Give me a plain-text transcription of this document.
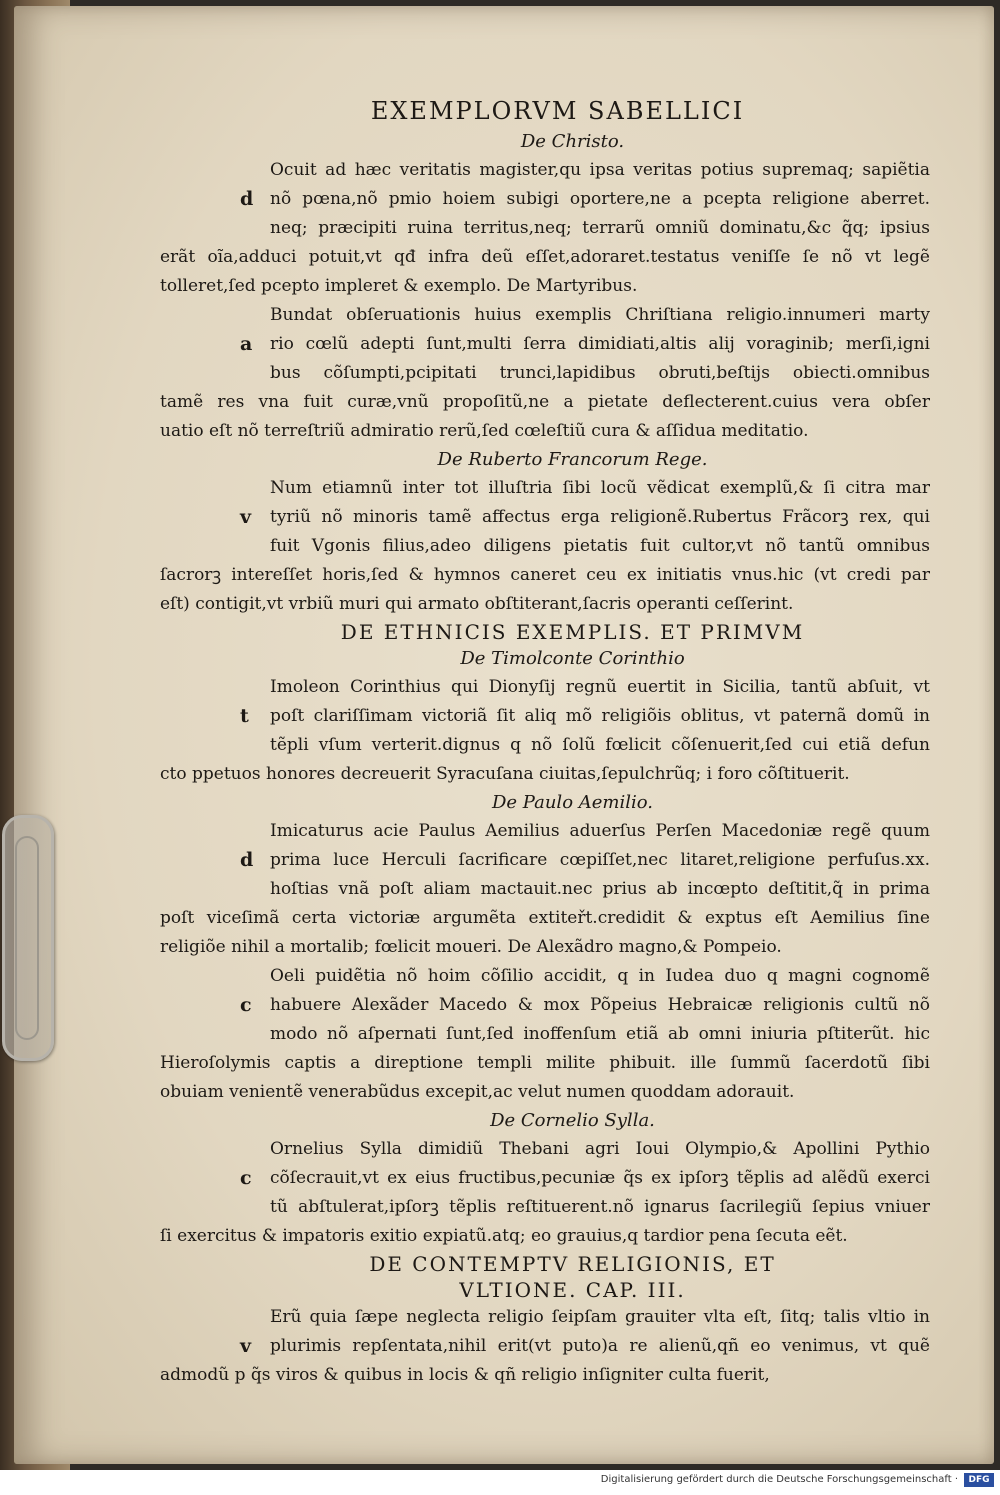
EXEMPLORVM SABELLICI
De Christo.
Ocuit ad hæc veritatis magister,qu ipsa veritas potius supremaq; sapiẽtia
nõ pœna,nõ pmio hoiem subigi oportere,ne a pcepta religione aberret.
neq; præcipiti ruina territus,neq; terrarũ omniũ dominatu,&c q̃q; ipsius
erãt oĩa,adduci potuit,vt qđ infra deũ eſſet,adoraret.testatus veniſſe ſe nõ vt legẽ
tolleret,ſed pcepto impleret & exemplo. De Martyribus.
d
Bundat obſeruationis huius exemplis Chriſtiana religio.innumeri marty
rio cœlũ adepti ſunt,multi ſerra dimidiati,altis alij voraginib; merſi,igni
bus cõſumpti,pcipitati trunci,lapidibus obruti,beſtijs obiecti.omnibus
tamẽ res vna fuit curæ,vnũ propoſitũ,ne a pietate deflecterent.cuius vera obſer
uatio eſt nõ terreſtriũ admiratio rerũ,ſed cœleſtiũ cura & aſſidua meditatio.
a
De Ruberto Francorum Rege.
Num etiamnũ inter tot illuſtria ſibi locũ vẽdicat exemplũ,& ſi citra mar
tyriũ nõ minoris tamẽ affectus erga religionẽ.Rubertus Frãcorꝫ rex, qui
fuit Vgonis filius,adeo diligens pietatis fuit cultor,vt nõ tantũ omnibus
ſacrorꝫ intereſſet horis,ſed & hymnos caneret ceu ex initiatis vnus.hic (vt credi par
eſt) contigit,vt vrbiũ muri qui armato obſtiterant,ſacris operanti ceſſerint.
v
DE ETHNICIS EXEMPLIS. ET PRIMVM
De Timolconte Corinthio
Imoleon Corinthius qui Dionyſij regnũ euertit in Sicilia, tantũ abſuit, vt
poſt clariſſimam victoriã ſit aliq mõ religiõis oblitus, vt paternã domũ in
tẽpli vſum verterit.dignus q nõ ſolũ fœlicit cõſenuerit,ſed cui etiã defun
cto ppetuos honores decreuerit Syracuſana ciuitas,ſepulchrũq; i foro cõſtituerit.
t
De Paulo Aemilio.
Imicaturus acie Paulus Aemilius aduerſus Perſen Macedoniæ regẽ quum
prima luce Herculi ſacrificare cœpiſſet,nec litaret,religione perfuſus.xx.
hoſtias vnã poſt aliam mactauit.nec prius ab incœpto deſtitit,q̃ in prima
poſt viceſimã certa victoriæ argumẽta extiteřt.credidit & exptus eſt Aemilius ſine
religiõe nihil a mortalib; fœlicit moueri. De Alexãdro magno,& Pompeio.
d
Oeli puidẽtia nõ hoim cõſilio accidit, q in Iudea duo q magni cognomẽ
habuere Alexãder Macedo & mox Põpeius Hebraicæ religionis cultũ nõ
modo nõ aſpernati ſunt,ſed inoffenſum etiã ab omni iniuria pſtiterũt. hic
Hieroſolymis captis a direptione templi milite phibuit. ille ſummũ ſacerdotũ ſibi
obuiam venientẽ venerabũdus excepit,ac velut numen quoddam adorauit.
c
De Cornelio Sylla.
Ornelius Sylla dimidiũ Thebani agri Ioui Olympio,& Apollini Pythio
cõſecrauit,vt ex eius fructibus,pecuniæ q̃s ex ipſorꝫ tẽplis ad alẽdũ exerci
tũ abſtulerat,ipſorꝫ tẽplis reſtituerent.nõ ignarus ſacrilegiũ ſepius vniuer
ſi exercitus & impatoris exitio expiatũ.atq; eo grauius,q tardior pena ſecuta eẽt.
c
DE CONTEMPTV RELIGIONIS, ET
VLTIONE. CAP. III.
Erũ quia ſæpe neglecta religio ſeipſam grauiter vlta eſt, ſitq; talis vltio in
plurimis repſentata,nihil erit(vt puto)a re alienũ,qñ eo venimus, vt quẽ
admodũ p q̃s viros & quibus in locis & qñ religio inſigniter culta fuerit,
v
Digitalisierung gefördert durch die Deutsche Forschungsgemeinschaft ·	DFG
